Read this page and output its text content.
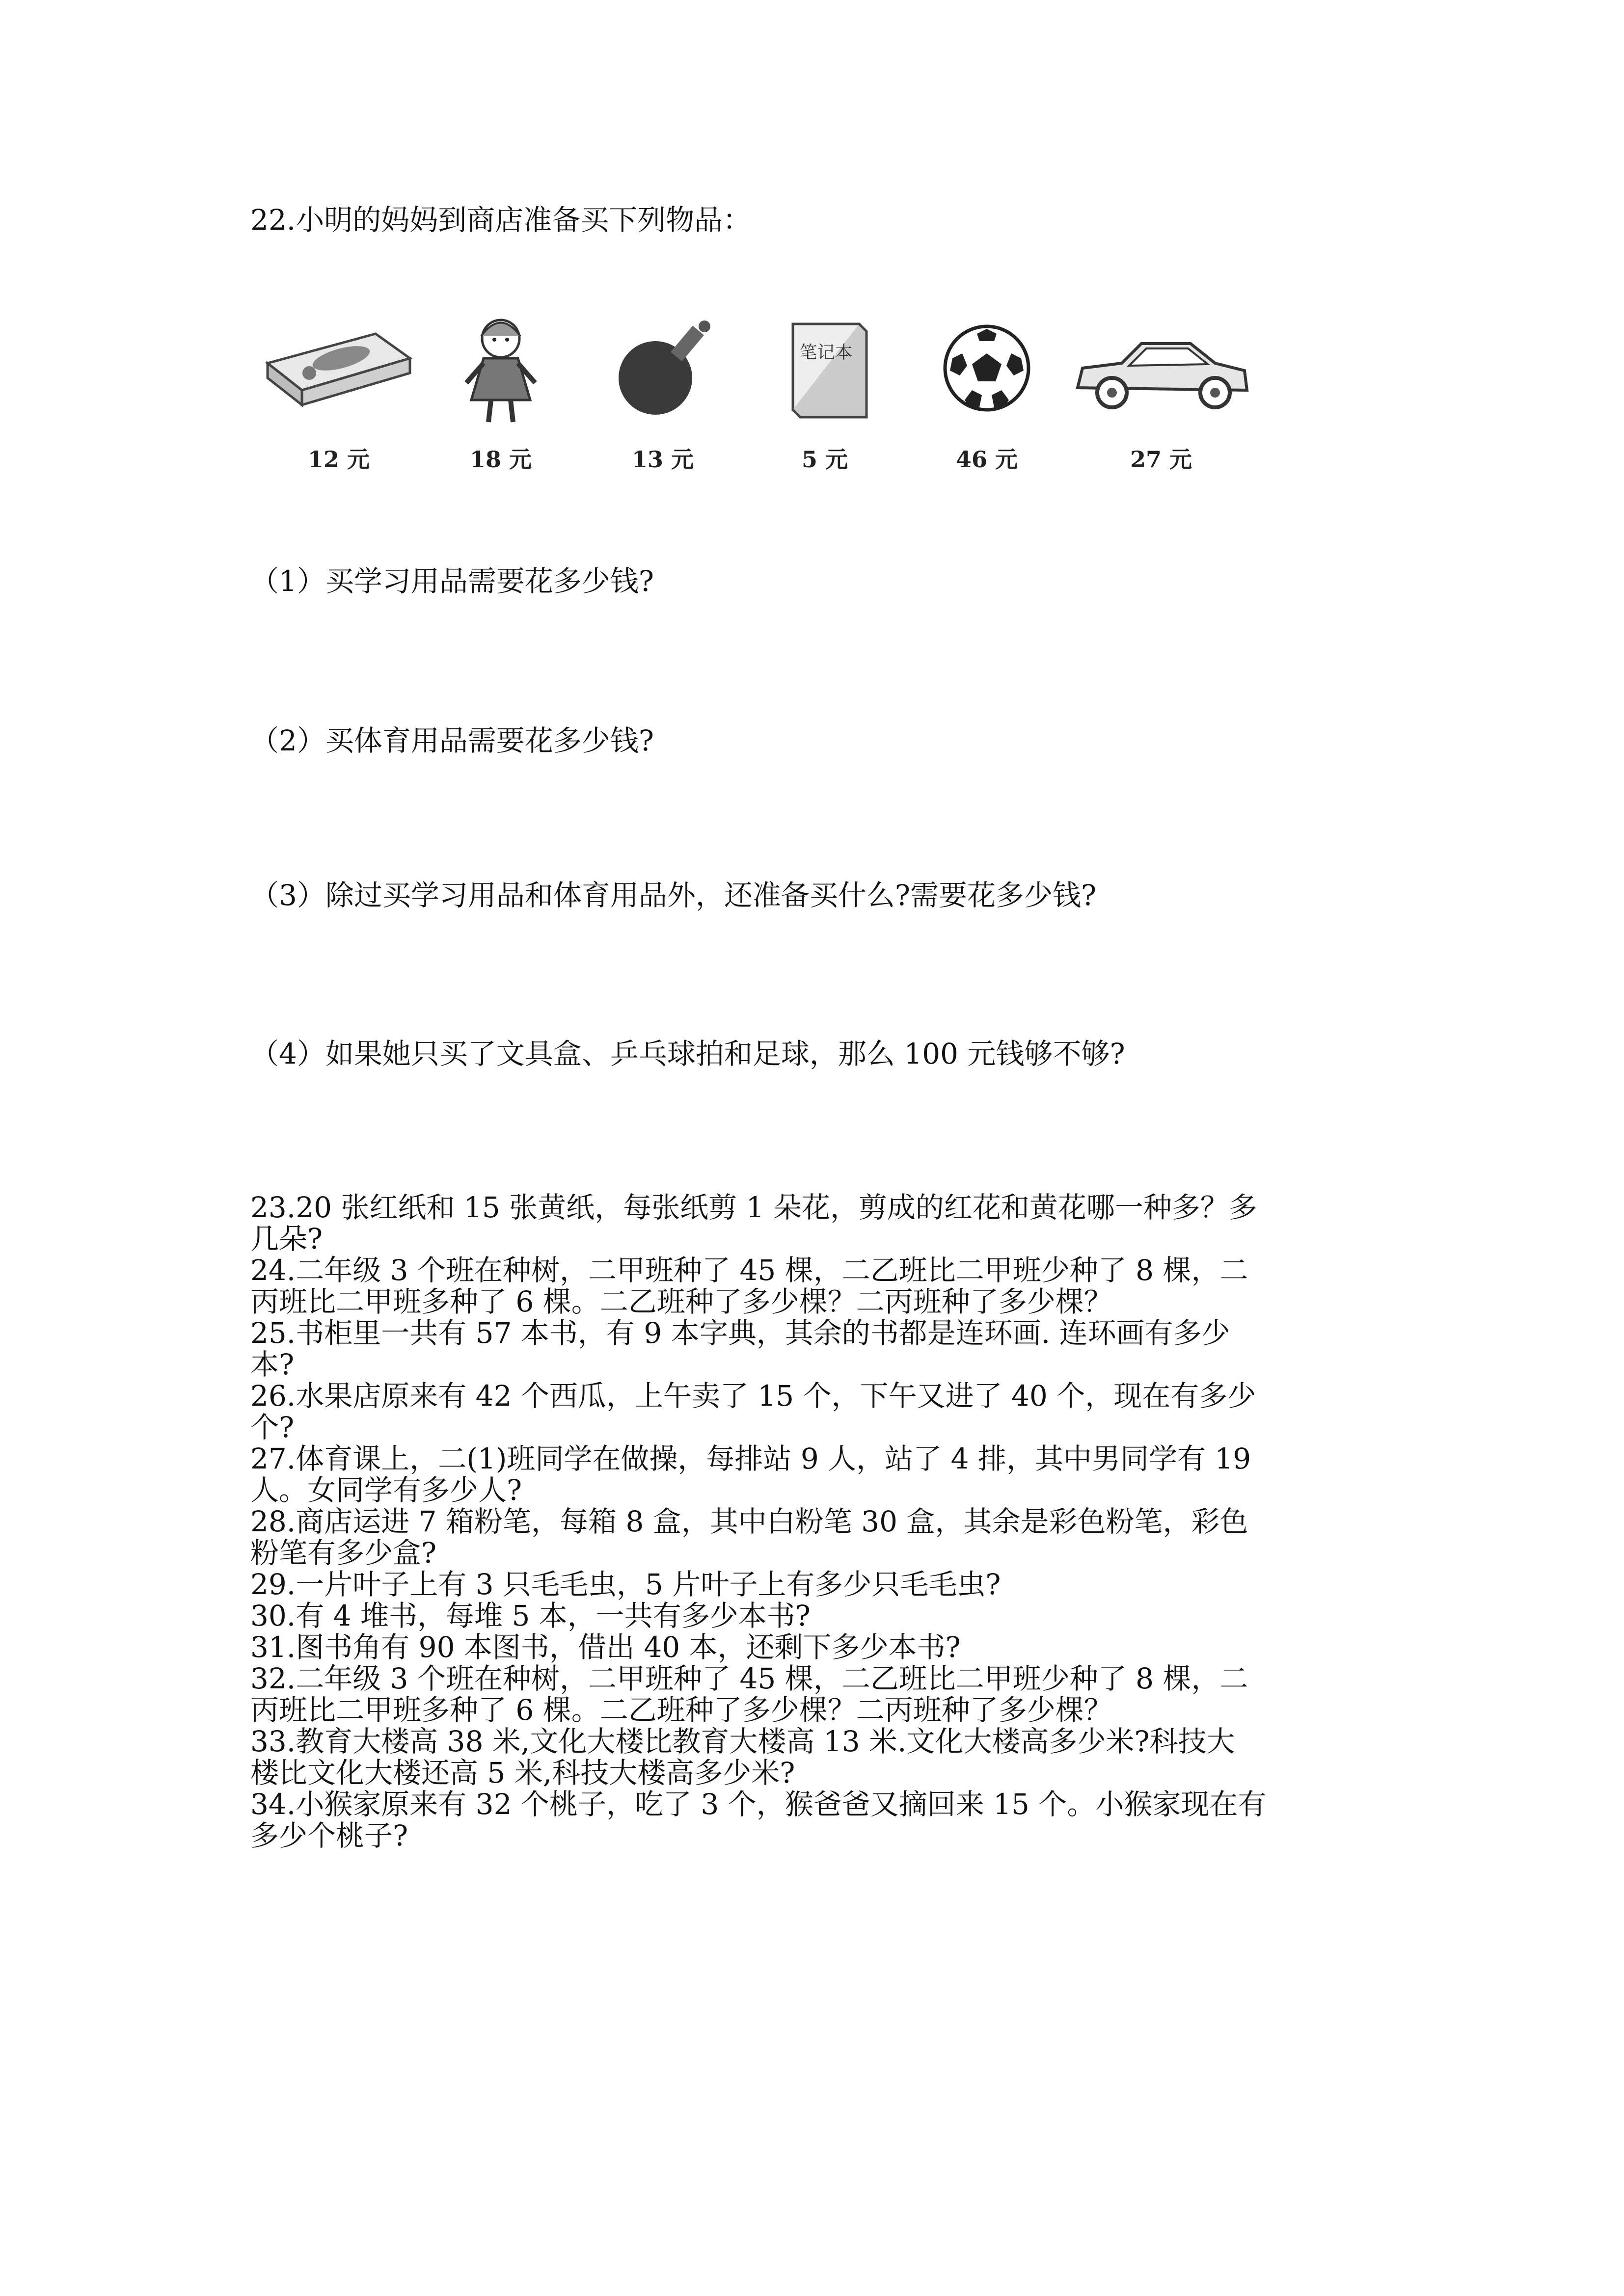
22.小明的妈妈到商店准备买下列物品：
12 元	18 元	13 元
笔记本
5 元	46 元	27 元
（1）买学习用品需要花多少钱?
（2）买体育用品需要花多少钱?
（3）除过买学习用品和体育用品外，还准备买什么?需要花多少钱?
（4）如果她只买了文具盒、乒乓球拍和足球，那么 100 元钱够不够?

23.20 张红纸和 15 张黄纸，每张纸剪 1 朵花，剪成的红花和黄花哪一种多？多

几朵?

24.二年级 3 个班在种树，二甲班种了 45 棵，二乙班比二甲班少种了 8 棵，二

丙班比二甲班多种了 6 棵。二乙班种了多少棵？二丙班种了多少棵？

25.书柜里一共有 57 本书，有 9 本字典，其余的书都是连环画. 连环画有多少

本?

26.水果店原来有 42 个西瓜，上午卖了 15 个，下午又进了 40 个，现在有多少

个?

27.体育课上，二(1)班同学在做操，每排站 9 人，站了 4 排，其中男同学有 19

人。女同学有多少人?

28.商店运进 7 箱粉笔，每箱 8 盒，其中白粉笔 30 盒，其余是彩色粉笔，彩色

粉笔有多少盒?

29.一片叶子上有 3 只毛毛虫，5 片叶子上有多少只毛毛虫?

30.有 4 堆书，每堆 5 本，一共有多少本书?

31.图书角有 90 本图书，借出 40 本，还剩下多少本书?

32.二年级 3 个班在种树，二甲班种了 45 棵，二乙班比二甲班少种了 8 棵，二

丙班比二甲班多种了 6 棵。二乙班种了多少棵？二丙班种了多少棵？

33.教育大楼高 38 米,文化大楼比教育大楼高 13 米.文化大楼高多少米?科技大

楼比文化大楼还高 5 米,科技大楼高多少米?

34.小猴家原来有 32 个桃子，吃了 3 个，猴爸爸又摘回来 15 个。小猴家现在有

多少个桃子?
